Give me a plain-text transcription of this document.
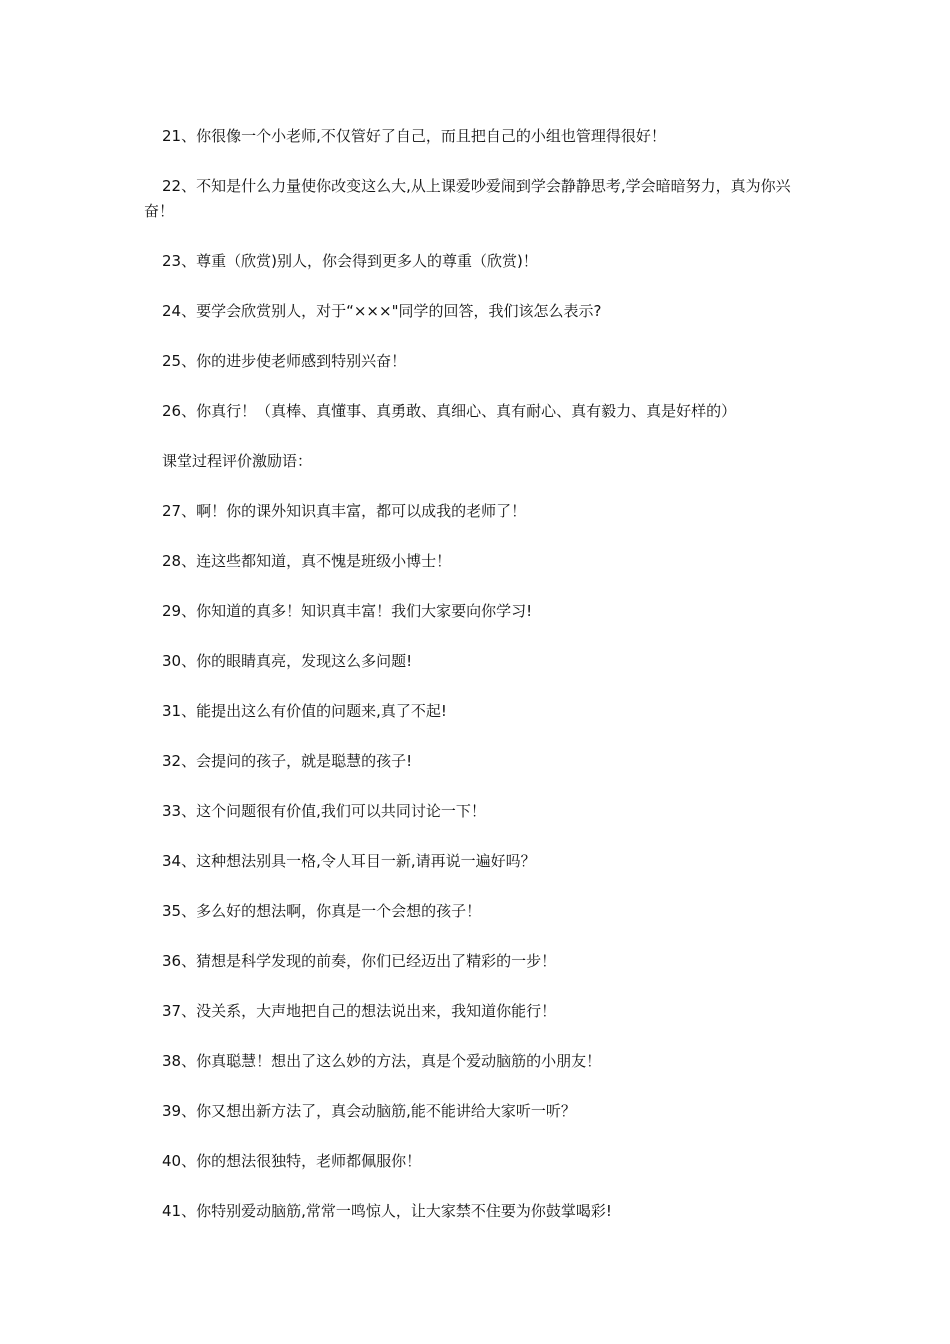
21、你很像一个小老师,不仅管好了自己，而且把自己的小组也管理得很好！

22、不知是什么力量使你改变这么大,从上课爱吵爱闹到学会静静思考,学会暗暗努力，真为你兴奋！

23、尊重（欣赏)别人，你会得到更多人的尊重（欣赏)！

24、要学会欣赏别人，对于“×××"同学的回答，我们该怎么表示?

25、你的进步使老师感到特别兴奋！

26、你真行！（真棒、真懂事、真勇敢、真细心、真有耐心、真有毅力、真是好样的）

课堂过程评价激励语：

27、啊！你的课外知识真丰富，都可以成我的老师了！

28、连这些都知道，真不愧是班级小博士！

29、你知道的真多！知识真丰富！我们大家要向你学习!

30、你的眼睛真亮，发现这么多问题!

31、能提出这么有价值的问题来,真了不起!

32、会提问的孩子，就是聪慧的孩子!

33、这个问题很有价值,我们可以共同讨论一下！

34、这种想法别具一格,令人耳目一新,请再说一遍好吗？

35、多么好的想法啊，你真是一个会想的孩子！

36、猜想是科学发现的前奏，你们已经迈出了精彩的一步！

37、没关系，大声地把自己的想法说出来，我知道你能行！

38、你真聪慧！想出了这么妙的方法，真是个爱动脑筋的小朋友！

39、你又想出新方法了，真会动脑筋,能不能讲给大家听一听？

40、你的想法很独特，老师都佩服你！

41、你特别爱动脑筋,常常一鸣惊人，让大家禁不住要为你鼓掌喝彩!
